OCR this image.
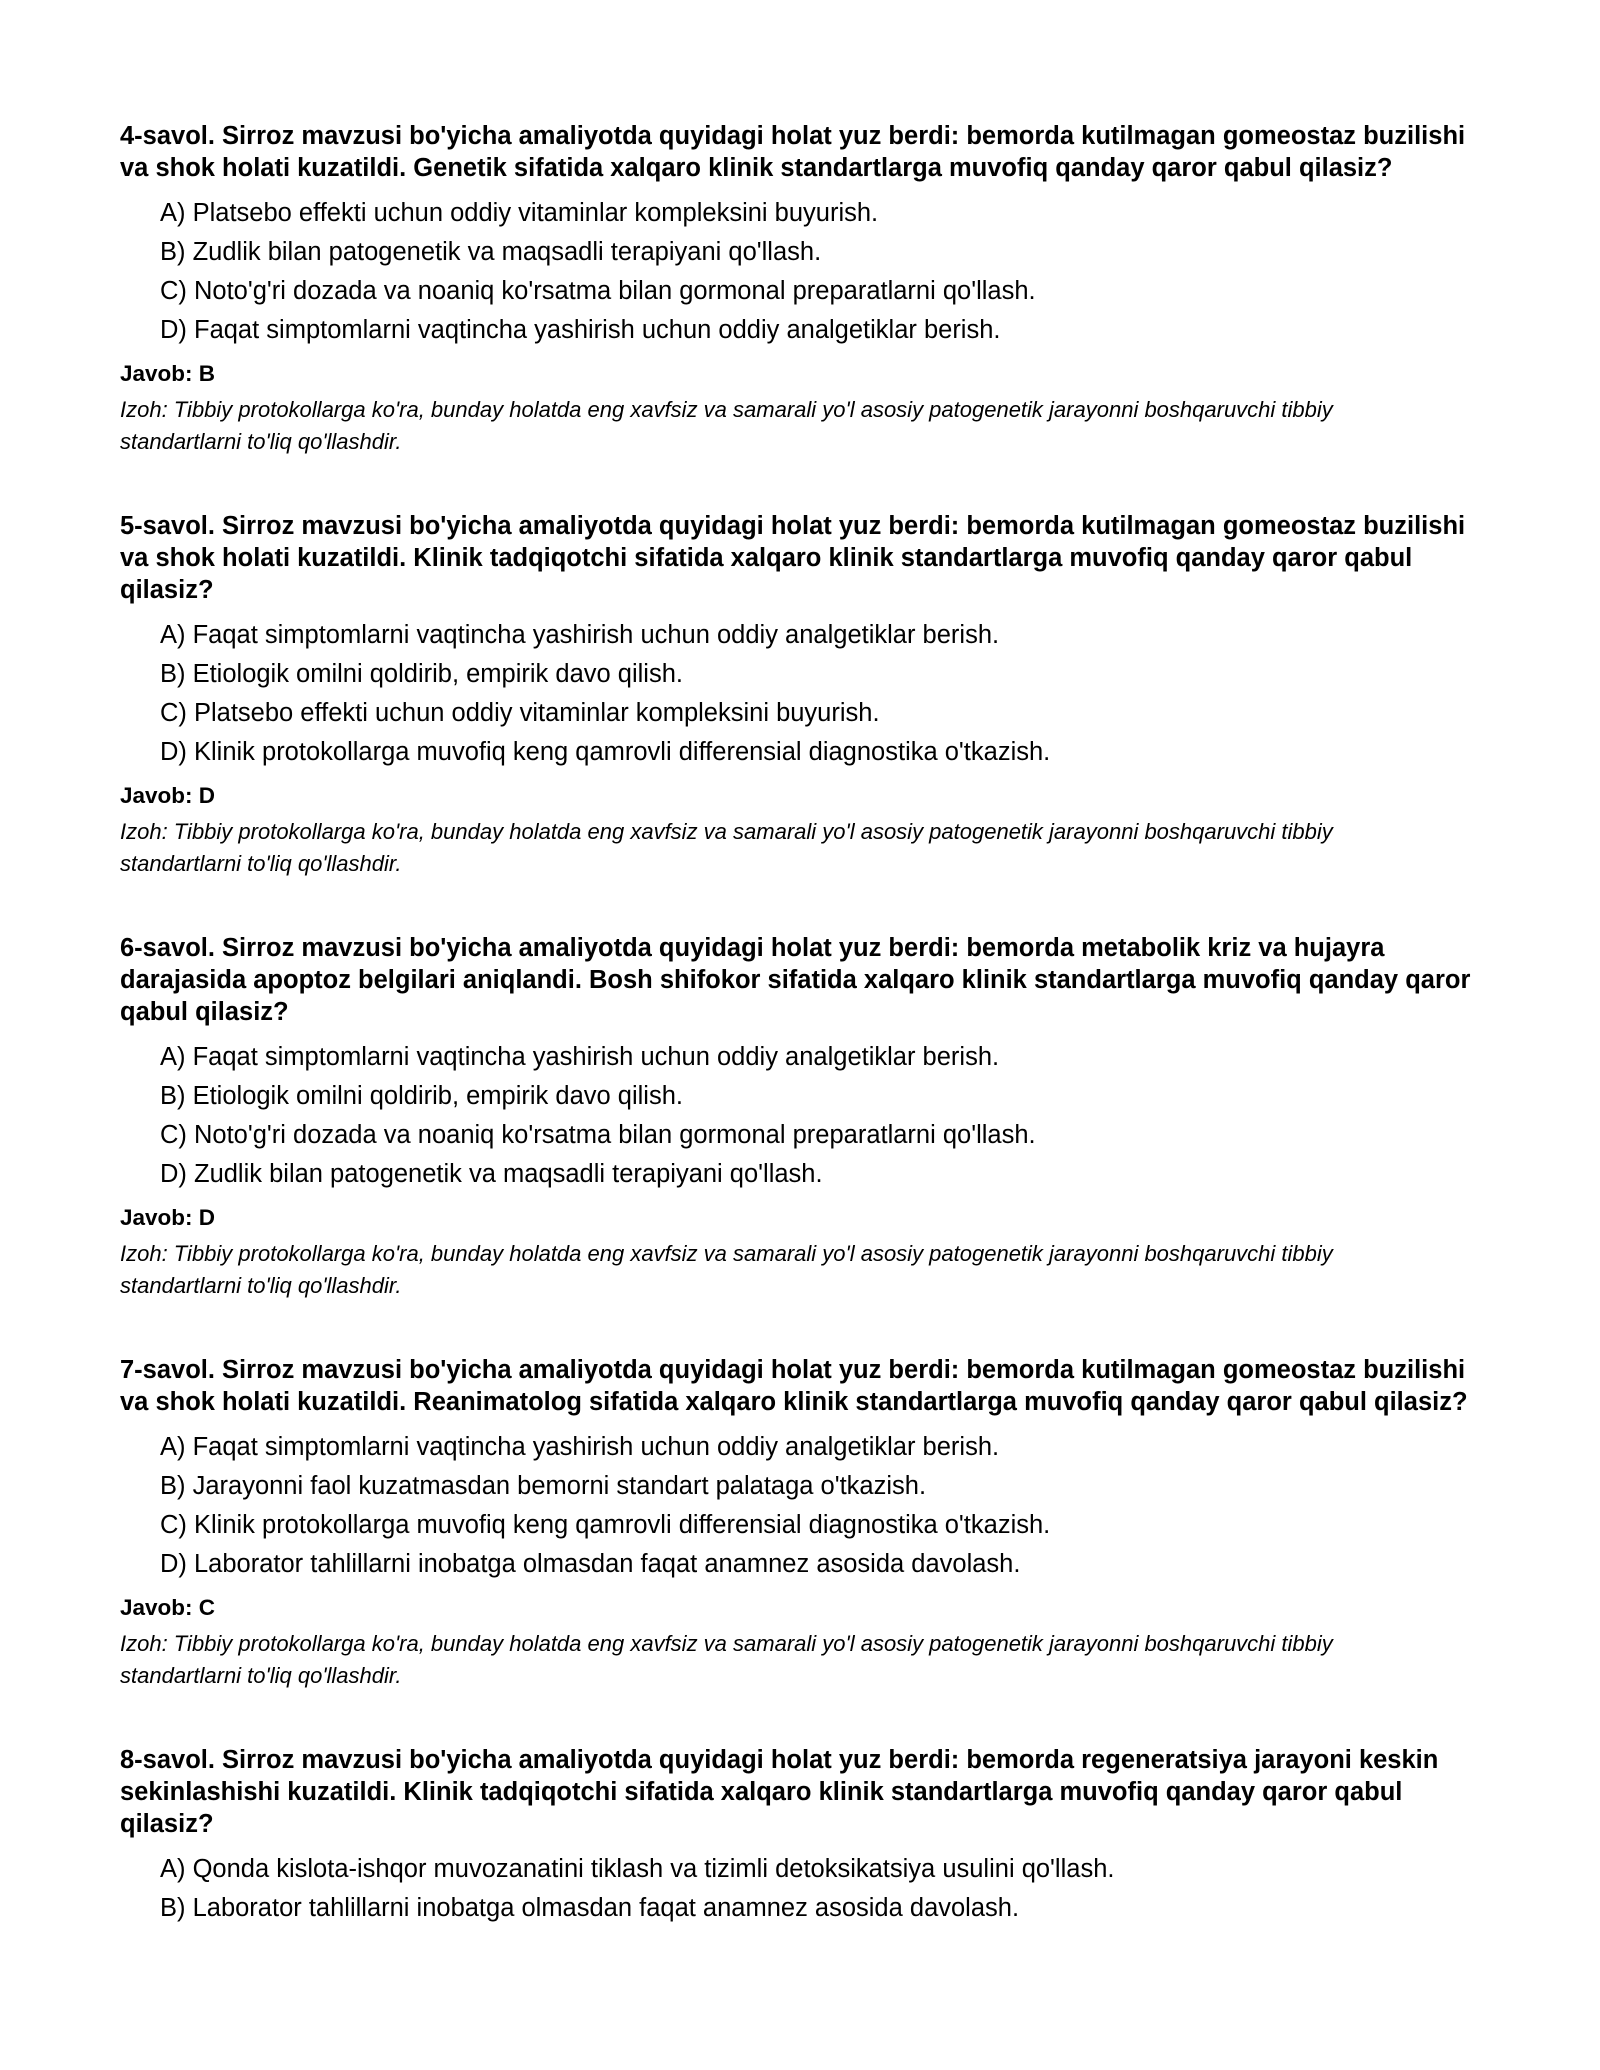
4-savol. Sirroz mavzusi bo'yicha amaliyotda quyidagi holat yuz berdi: bemorda kutilmagan gomeostaz buzilishi va shok holati kuzatildi. Genetik sifatida xalqaro klinik standartlarga muvofiq qanday qaror qabul qilasiz?
A) Platsebo effekti uchun oddiy vitaminlar kompleksini buyurish.
B) Zudlik bilan patogenetik va maqsadli terapiyani qo'llash.
C) Noto'g'ri dozada va noaniq ko'rsatma bilan gormonal preparatlarni qo'llash.
D) Faqat simptomlarni vaqtincha yashirish uchun oddiy analgetiklar berish.
Javob: B
Izoh: Tibbiy protokollarga ko'ra, bunday holatda eng xavfsiz va samarali yo'l asosiy patogenetik jarayonni boshqaruvchi tibbiy standartlarni to'liq qo'llashdir.
5-savol. Sirroz mavzusi bo'yicha amaliyotda quyidagi holat yuz berdi: bemorda kutilmagan gomeostaz buzilishi va shok holati kuzatildi. Klinik tadqiqotchi sifatida xalqaro klinik standartlarga muvofiq qanday qaror qabul qilasiz?
A) Faqat simptomlarni vaqtincha yashirish uchun oddiy analgetiklar berish.
B) Etiologik omilni qoldirib, empirik davo qilish.
C) Platsebo effekti uchun oddiy vitaminlar kompleksini buyurish.
D) Klinik protokollarga muvofiq keng qamrovli differensial diagnostika o'tkazish.
Javob: D
Izoh: Tibbiy protokollarga ko'ra, bunday holatda eng xavfsiz va samarali yo'l asosiy patogenetik jarayonni boshqaruvchi tibbiy standartlarni to'liq qo'llashdir.
6-savol. Sirroz mavzusi bo'yicha amaliyotda quyidagi holat yuz berdi: bemorda metabolik kriz va hujayra darajasida apoptoz belgilari aniqlandi. Bosh shifokor sifatida xalqaro klinik standartlarga muvofiq qanday qaror qabul qilasiz?
A) Faqat simptomlarni vaqtincha yashirish uchun oddiy analgetiklar berish.
B) Etiologik omilni qoldirib, empirik davo qilish.
C) Noto'g'ri dozada va noaniq ko'rsatma bilan gormonal preparatlarni qo'llash.
D) Zudlik bilan patogenetik va maqsadli terapiyani qo'llash.
Javob: D
Izoh: Tibbiy protokollarga ko'ra, bunday holatda eng xavfsiz va samarali yo'l asosiy patogenetik jarayonni boshqaruvchi tibbiy standartlarni to'liq qo'llashdir.
7-savol. Sirroz mavzusi bo'yicha amaliyotda quyidagi holat yuz berdi: bemorda kutilmagan gomeostaz buzilishi va shok holati kuzatildi. Reanimatolog sifatida xalqaro klinik standartlarga muvofiq qanday qaror qabul qilasiz?
A) Faqat simptomlarni vaqtincha yashirish uchun oddiy analgetiklar berish.
B) Jarayonni faol kuzatmasdan bemorni standart palataga o'tkazish.
C) Klinik protokollarga muvofiq keng qamrovli differensial diagnostika o'tkazish.
D) Laborator tahlillarni inobatga olmasdan faqat anamnez asosida davolash.
Javob: C
Izoh: Tibbiy protokollarga ko'ra, bunday holatda eng xavfsiz va samarali yo'l asosiy patogenetik jarayonni boshqaruvchi tibbiy standartlarni to'liq qo'llashdir.
8-savol. Sirroz mavzusi bo'yicha amaliyotda quyidagi holat yuz berdi: bemorda regeneratsiya jarayoni keskin sekinlashishi kuzatildi. Klinik tadqiqotchi sifatida xalqaro klinik standartlarga muvofiq qanday qaror qabul qilasiz?
A) Qonda kislota-ishqor muvozanatini tiklash va tizimli detoksikatsiya usulini qo'llash.
B) Laborator tahlillarni inobatga olmasdan faqat anamnez asosida davolash.
